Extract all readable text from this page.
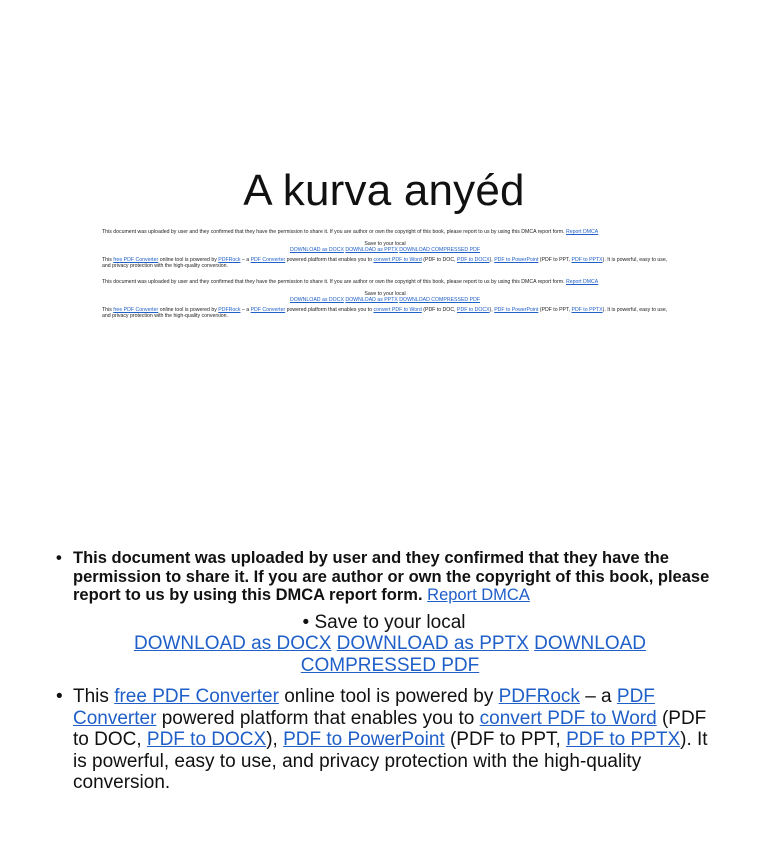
A kurva anyéd

This document was uploaded by user and they confirmed that they have the permission to share it. If you are author or own the copyright of this book, please report to us by using this DMCA report form. Report DMCA

Save to your local

DOWNLOAD as DOCX DOWNLOAD as PPTX DOWNLOAD COMPRESSED PDF

This free PDF Converter online tool is powered by PDFRock – a PDF Converter powered platform that enables you to convert PDF to Word (PDF to DOC, PDF to DOCX), PDF to PowerPoint (PDF to PPT, PDF to PPTX). It is powerful, easy to use, and privacy protection with the high-quality conversion.

This document was uploaded by user and they confirmed that they have the permission to share it. If you are author or own the copyright of this book, please report to us by using this DMCA report form. Report DMCA

Save to your local

DOWNLOAD as DOCX DOWNLOAD as PPTX DOWNLOAD COMPRESSED PDF

This free PDF Converter online tool is powered by PDFRock – a PDF Converter powered platform that enables you to convert PDF to Word (PDF to DOC, PDF to DOCX), PDF to PowerPoint (PDF to PPT, PDF to PPTX). It is powerful, easy to use, and privacy protection with the high-quality conversion.

• This document was uploaded by user and they confirmed that they have the permission to share it. If you are author or own the copyright of this book, please report to us by using this DMCA report form. Report DMCA
• Save to your local
DOWNLOAD as DOCX DOWNLOAD as PPTX DOWNLOAD COMPRESSED PDF
• This free PDF Converter online tool is powered by PDFRock – a PDF Converter powered platform that enables you to convert PDF to Word (PDF to DOC, PDF to DOCX), PDF to PowerPoint (PDF to PPT, PDF to PPTX). It is powerful, easy to use, and privacy protection with the high-quality conversion.
